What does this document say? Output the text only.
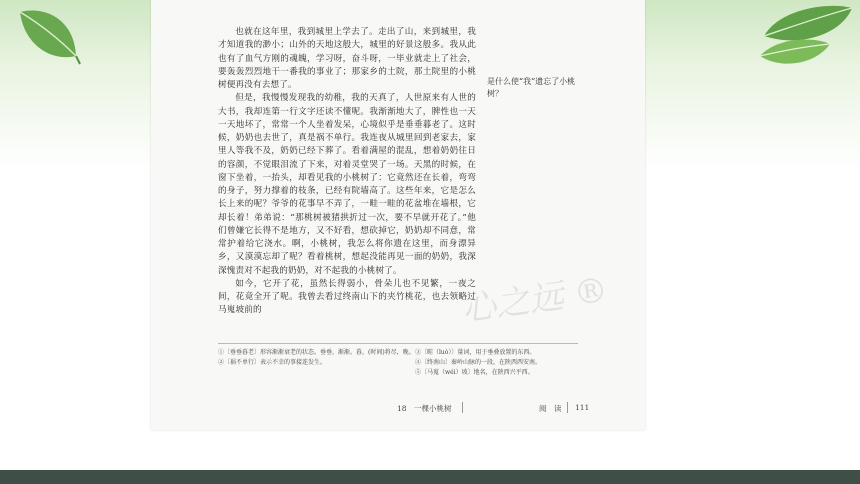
也就在这年里，我到城里上学去了。走出了山，来到城里，我才知道我的渺小；山外的天地这般大，城里的好景这般多。我从此也有了血气方刚的魂魄，学习呀，奋斗呀，一毕业就走上了社会，要轰轰烈烈地干一番我的事业了；那家乡的土院，那土院里的小桃树便再没有去想了。

但是，我慢慢发现我的幼稚，我的天真了，人世原来有人世的大书，我却连第一行文字还读不懂呢。我渐渐地大了，脾性也一天一天地坏了，常常一个人坐着发呆，心境似乎是垂垂暮老了。这时候，奶奶也去世了，真是祸不单行。我连夜从城里回到老家去，家里人等我不及，奶奶已经下葬了。看着满屋的混乱，想着奶奶往日的容颜，不觉眼泪流了下来，对着灵堂哭了一场。天黑的时候，在窗下坐着，一抬头，却看见我的小桃树了：它竟然还在长着，弯弯的身子，努力撑着的枝条，已经有院墙高了。这些年来，它是怎么长上来的呢？爷爷的花事早不弄了，一畦一畦的花盆堆在墙根，它却长着！弟弟说：“那桃树被猪拱折过一次，要不早就开花了。”他们曾嫌它长得不是地方，又不好看，想砍掉它，奶奶却不同意，常常护着给它浇水。啊，小桃树，我怎么将你遗在这里，而身漂异乡，又漠漠忘却了呢？看着桃树，想起没能再见一面的奶奶，我深深愧责对不起我的奶奶，对不起我的小桃树了。

如今，它开了花，虽然长得弱小，骨朵儿也不见繁，一夜之间，花竟全开了呢。我曾去看过终南山下的夹竹桃花，也去领略过马嵬坡前的

是什么使“我”遗忘了小桃树？
心之远 ®
①〔垂垂暮老〕形容渐渐衰老的状态。垂垂，渐渐。暮，(时间)将尽，晚。
②〔祸不单行〕表示不幸的事接连发生。
③〔畦（luò）〕量词，用于垂叠放置的东西。
④〔终南山〕秦岭山脉的一段，在陕西西安南。
⑤〔马嵬（wéi）坡〕地名，在陕西兴平西。
18　一棵小桃树	阅　读 111
